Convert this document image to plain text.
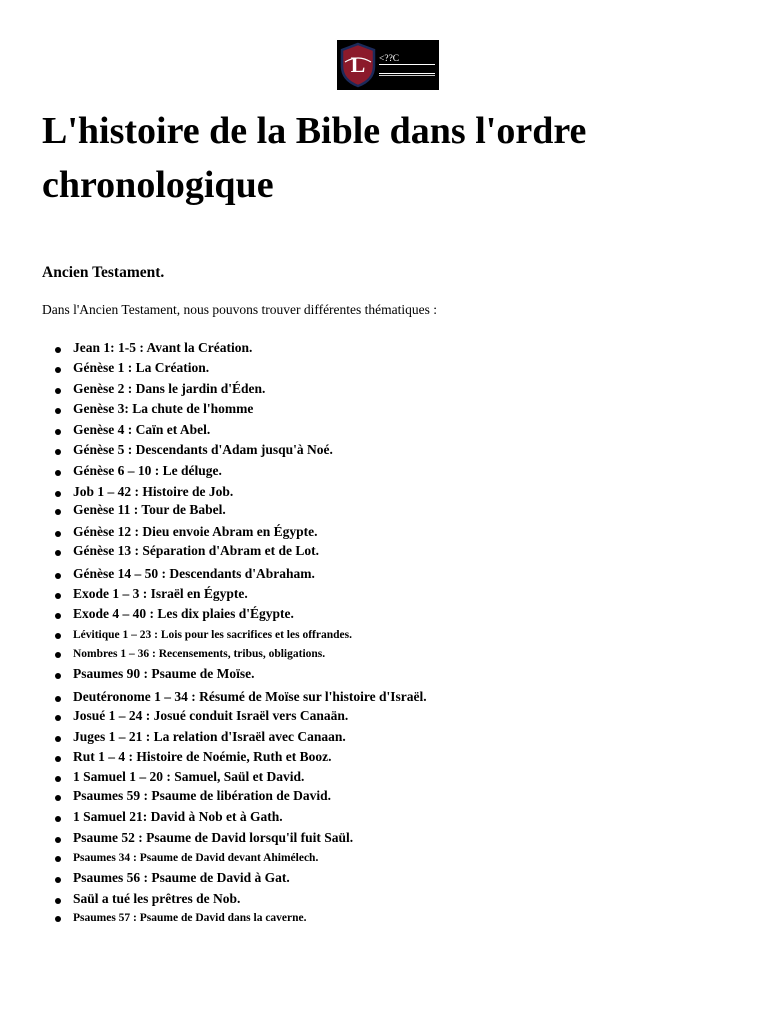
L <??C
L'histoire de la Bible dans l'ordre chronologique
Ancien Testament.

Dans l'Ancien Testament, nous pouvons trouver différentes thématiques :

Jean 1: 1-5 : Avant la Création.
Génèse 1 : La Création.
Genèse 2 : Dans le jardin d'Éden.
Genèse 3: La chute de l'homme
Genèse 4 : Caïn et Abel.
Génèse 5 : Descendants d'Adam jusqu'à Noé.
Génèse 6 – 10 : Le déluge.
Job 1 – 42 : Histoire de Job.
Genèse 11 : Tour de Babel.
Génèse 12 : Dieu envoie Abram en Égypte.
Génèse 13 : Séparation d'Abram et de Lot.
Génèse 14 – 50 : Descendants d'Abraham.
Exode 1 – 3 : Israël en Égypte.
Exode 4 – 40 : Les dix plaies d'Égypte.
Lévitique 1 – 23 : Lois pour les sacrifices et les offrandes.
Nombres 1 – 36 : Recensements, tribus, obligations.
Psaumes 90 : Psaume de Moïse.
Deutéronome 1 – 34 : Résumé de Moïse sur l'histoire d'Israël.
Josué 1 – 24 : Josué conduit Israël vers Canaän.
Juges 1 – 21 : La relation d'Israël avec Canaan.
Rut 1 – 4 : Histoire de Noémie, Ruth et Booz.
1 Samuel 1 – 20 : Samuel, Saül et David.
Psaumes 59 : Psaume de libération de David.
1 Samuel 21: David à Nob et à Gath.
Psaume 52 : Psaume de David lorsqu'il fuit Saül.
Psaumes 34 : Psaume de David devant Ahimélech.
Psaumes 56 : Psaume de David à Gat.
Saül a tué les prêtres de Nob.
Psaumes 57 : Psaume de David dans la caverne.
